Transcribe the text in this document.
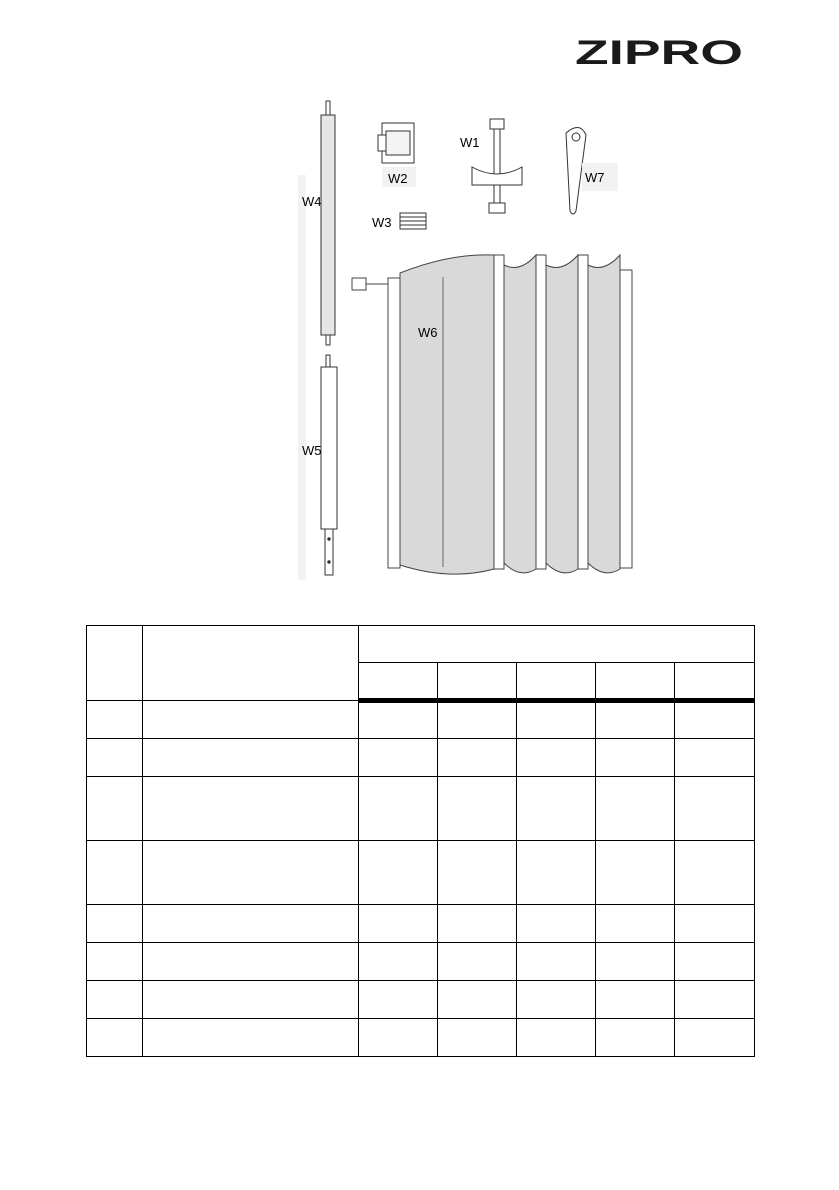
ZIPRO
W4
W5
W2
W3
W1
W7
W6
